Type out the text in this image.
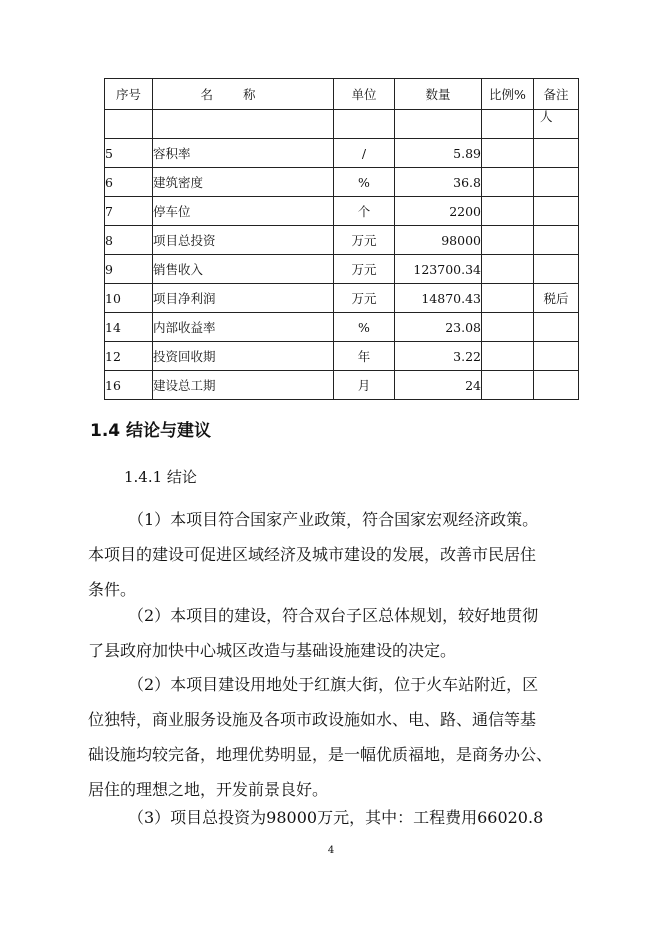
序号	名称	单位	数量	比例%	备注
					人
5	容积率	/	5.89		
6	建筑密度	%	36.8		
7	停车位	个	2200		
8	项目总投资	万元	98000		
9	销售收入	万元	123700.34		
10	项目净利润	万元	14870.43		税后
14	内部收益率	%	23.08		
12	投资回收期	年	3.22		
16	建设总工期	月	24		
1.4 结论与建议
1.4.1 结论
（1）本项目符合国家产业政策，符合国家宏观经济政策。
本项目的建设可促进区域经济及城市建设的发展，改善市民居住
条件。
（2）本项目的建设，符合双台子区总体规划，较好地贯彻
了县政府加快中心城区改造与基础设施建设的决定。
（2）本项目建设用地处于红旗大街，位于火车站附近，区
位独特，商业服务设施及各项市政设施如水、电、路、通信等基
础设施均较完备，地理优势明显，是一幅优质福地，是商务办公、
居住的理想之地，开发前景良好。
（3）项目总投资为98000万元，其中：工程费用66020.8
4
